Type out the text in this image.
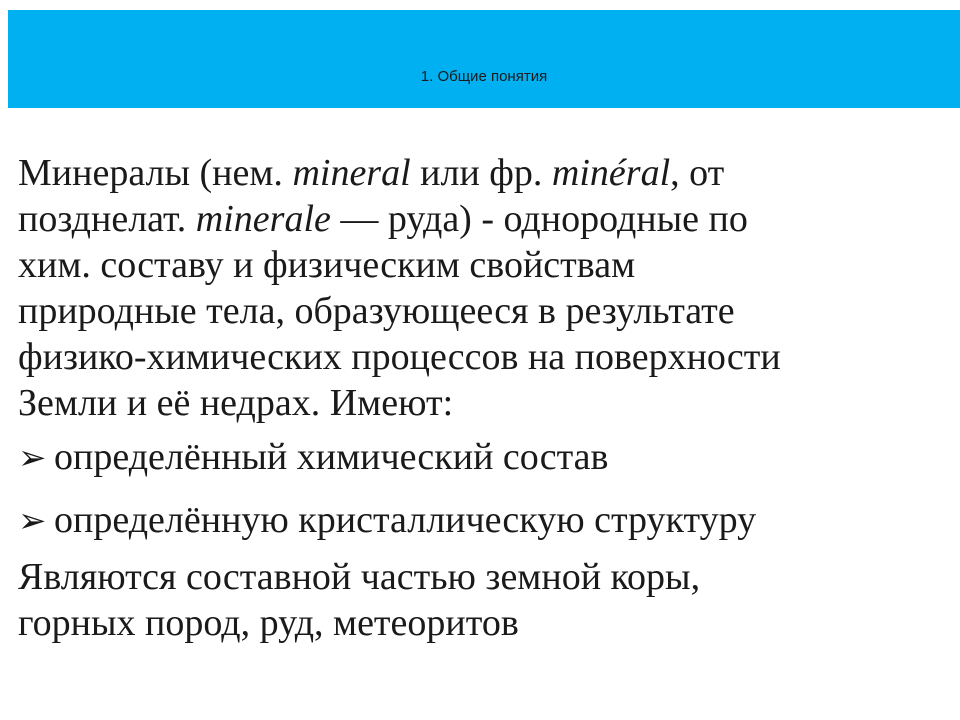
1. Общие понятия
Минералы (нем. mineral или фр. minéral, от
позднелат. minerale — руда) - однородные по
хим. составу и физическим свойствам
природные тела, образующееся в результате
физико-химических процессов на поверхности
Земли и её недрах. Имеют:
➢ определённый химический состав
➢ определённую кристаллическую структуру
Являются составной частью земной коры,
горных пород, руд, метеоритов
